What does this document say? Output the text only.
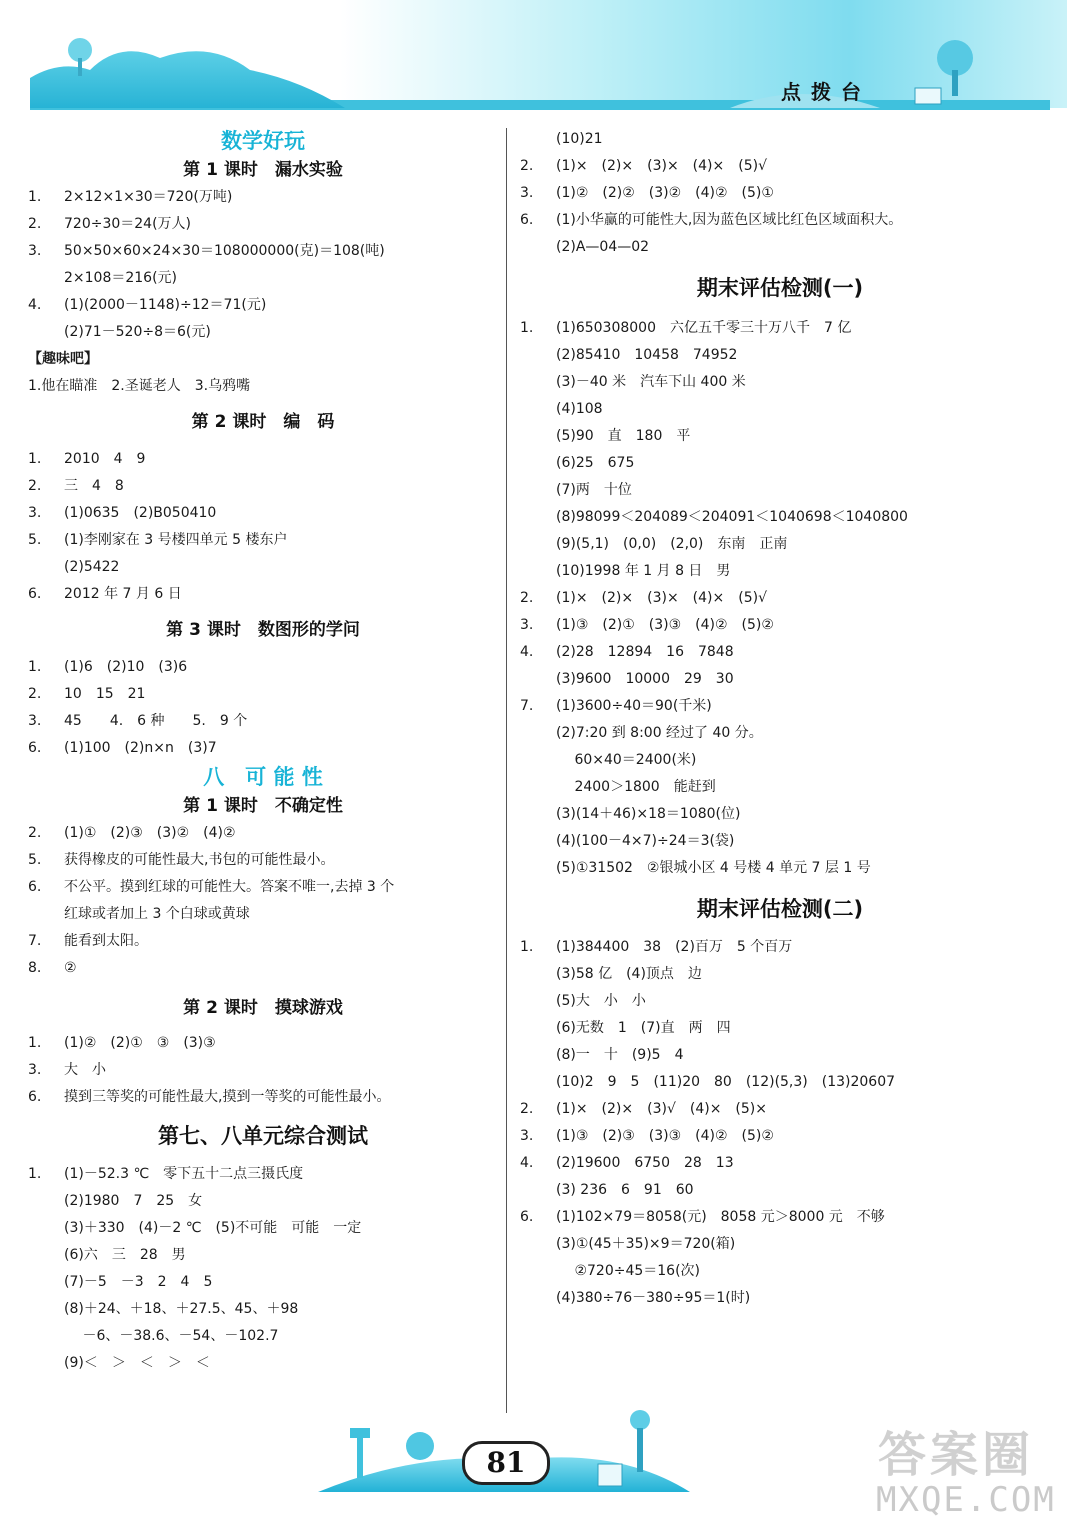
点拨台
数学好玩
第 1 课时　漏水实验
1. 2×12×1×30＝720(万吨)
2. 720÷30＝24(万人)
3. 50×50×60×24×30＝108000000(克)＝108(吨)
2×108＝216(元)
4. (1)(2000－1148)÷12＝71(元)
(2)71－520÷8＝6(元)
【趣味吧】
1.他在瞄准　2.圣诞老人　3.乌鸦嘴
第 2 课时　编　码
1. 2010　4　9
2. 三　4　8
3. (1)0635　(2)B050410
5. (1)李刚家在 3 号楼四单元 5 楼东户
(2)5422
6. 2012 年 7 月 6 日
第 3 课时　数图形的学问
1. (1)6　(2)10　(3)6
2. 10　15　21
3. 45　　4.　6 种　　5.　9 个
6. (1)100　(2)n×n　(3)7
八　可 能 性
第 1 课时　不确定性
2. (1)①　(2)③　(3)②　(4)②
5. 获得橡皮的可能性最大,书包的可能性最小。
6. 不公平。摸到红球的可能性大。答案不唯一,去掉 3 个
红球或者加上 3 个白球或黄球
7. 能看到太阳。
8. ②
第 2 课时　摸球游戏
1. (1)②　(2)①　③　(3)③
3. 大　小
6. 摸到三等奖的可能性最大,摸到一等奖的可能性最小。
第七、八单元综合测试
1. (1)－52.3 ℃　零下五十二点三摄氏度
(2)1980　7　25　女
(3)＋330　(4)－2 ℃　(5)不可能　可能　一定
(6)六　三　28　男
(7)－5　－3　2　4　5
(8)＋24、＋18、＋27.5、45、＋98
　 －6、－38.6、－54、－102.7
(9)＜　＞　＜　＞　＜
(10)21
2. (1)×　(2)×　(3)×　(4)×　(5)√
3. (1)②　(2)②　(3)②　(4)②　(5)①
6. (1)小华赢的可能性大,因为蓝色区域比红色区域面积大。
(2)A—04—02
期末评估检测(一)
1. (1)650308000　六亿五千零三十万八千　7 亿
(2)85410　10458　74952
(3)－40 米　汽车下山 400 米
(4)108
(5)90　直　180　平
(6)25　675
(7)两　十位
(8)98099＜204089＜204091＜1040698＜1040800
(9)(5,1)　(0,0)　(2,0)　东南　正南
(10)1998 年 1 月 8 日　男
2. (1)×　(2)×　(3)×　(4)×　(5)√
3. (1)③　(2)①　(3)③　(4)②　(5)②
4. (2)28　12894　16　7848
(3)9600　10000　29　30
7. (1)3600÷40＝90(千米)
(2)7:20 到 8:00 经过了 40 分。
　 60×40＝2400(米)
　 2400＞1800　能赶到
(3)(14＋46)×18＝1080(位)
(4)(100－4×7)÷24＝3(袋)
(5)①31502　②银城小区 4 号楼 4 单元 7 层 1 号
期末评估检测(二)
1. (1)384400　38　(2)百万　5 个百万
(3)58 亿　(4)顶点　边
(5)大　小　小
(6)无数　1　(7)直　两　四
(8)一　十　(9)5　4
(10)2　9　5　(11)20　80　(12)(5,3)　(13)20607
2. (1)×　(2)×　(3)√　(4)×　(5)×
3. (1)③　(2)③　(3)③　(4)②　(5)②
4. (2)19600　6750　28　13
(3) 236　6　91　60
6. (1)102×79＝8058(元)　8058 元＞8000 元　不够
(3)①(45＋35)×9＝720(箱)
　 ②720÷45＝16(次)
(4)380÷76－380÷95＝1(时)
81	答案圈
MXQE.COM
